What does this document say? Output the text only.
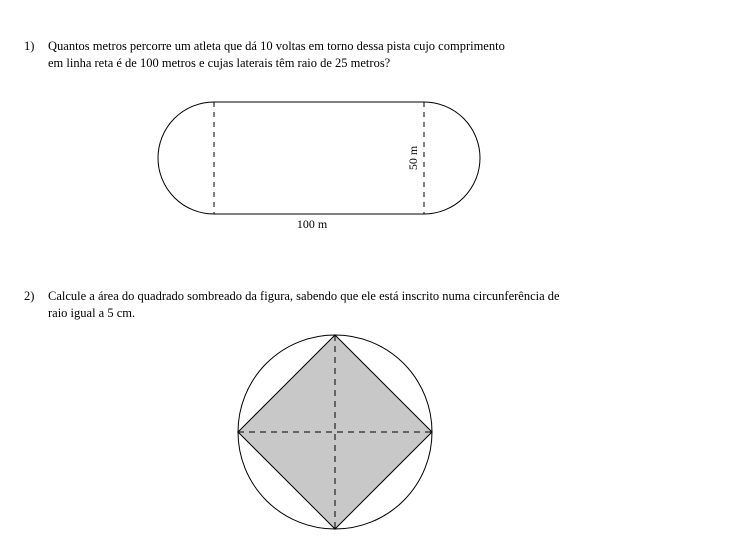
1) Quantos metros percorre um atleta que dá 10 voltas em torno dessa pista cujo comprimento
em linha reta é de 100 metros e cujas laterais têm raio de 25 metros?
2) Calcule a área do quadrado sombreado da figura, sabendo que ele está inscrito numa circunferência de
raio igual a 5 cm.
100 m
50 m
